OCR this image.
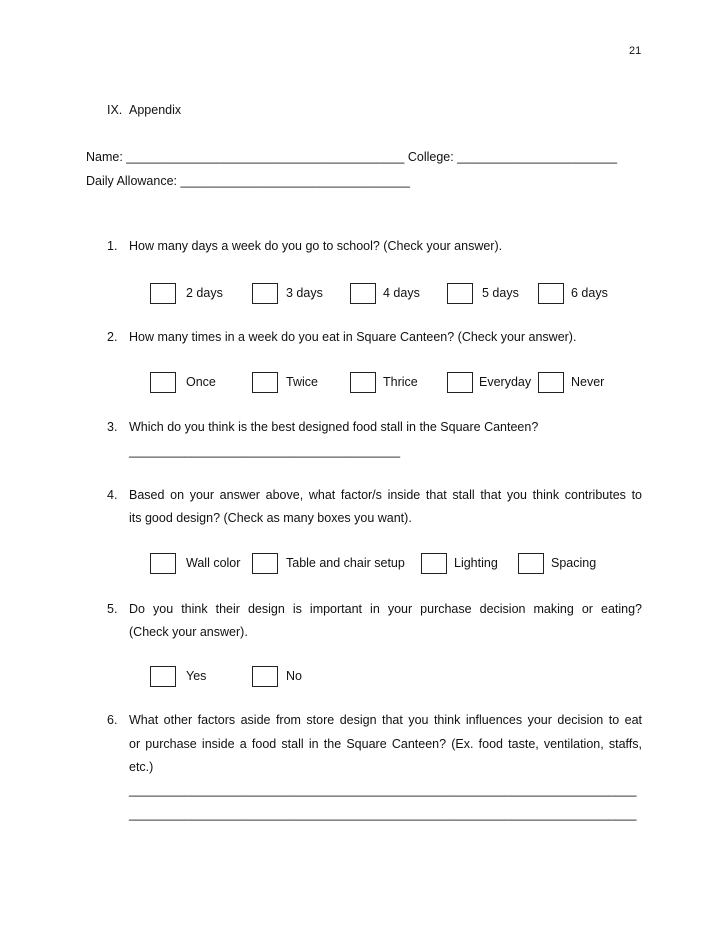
21
IX. Appendix
Name: ________________________________________ College: _______________________
Daily Allowance: _________________________________
1. How many days a week do you go to school? (Check your answer).
2 days	3 days	4 days	5 days	6 days
2. How many times in a week do you eat in Square Canteen? (Check your answer).
Once	Twice	Thrice	Everyday	Never
3. Which do you think is the best designed food stall in the Square Canteen?
_______________________________________
4. Based on your answer above, what factor/s inside that stall that you think contributes to
its good design? (Check as many boxes you want).
Wall color	Table and chair setup	Lighting	Spacing
5. Do you think their design is important in your purchase decision making or eating?
(Check your answer).
Yes	No
6. What other factors aside from store design that you think influences your decision to eat
or purchase inside a food stall in the Square Canteen? (Ex. food taste, ventilation, staffs,
etc.)
_________________________________________________________________________
_________________________________________________________________________
